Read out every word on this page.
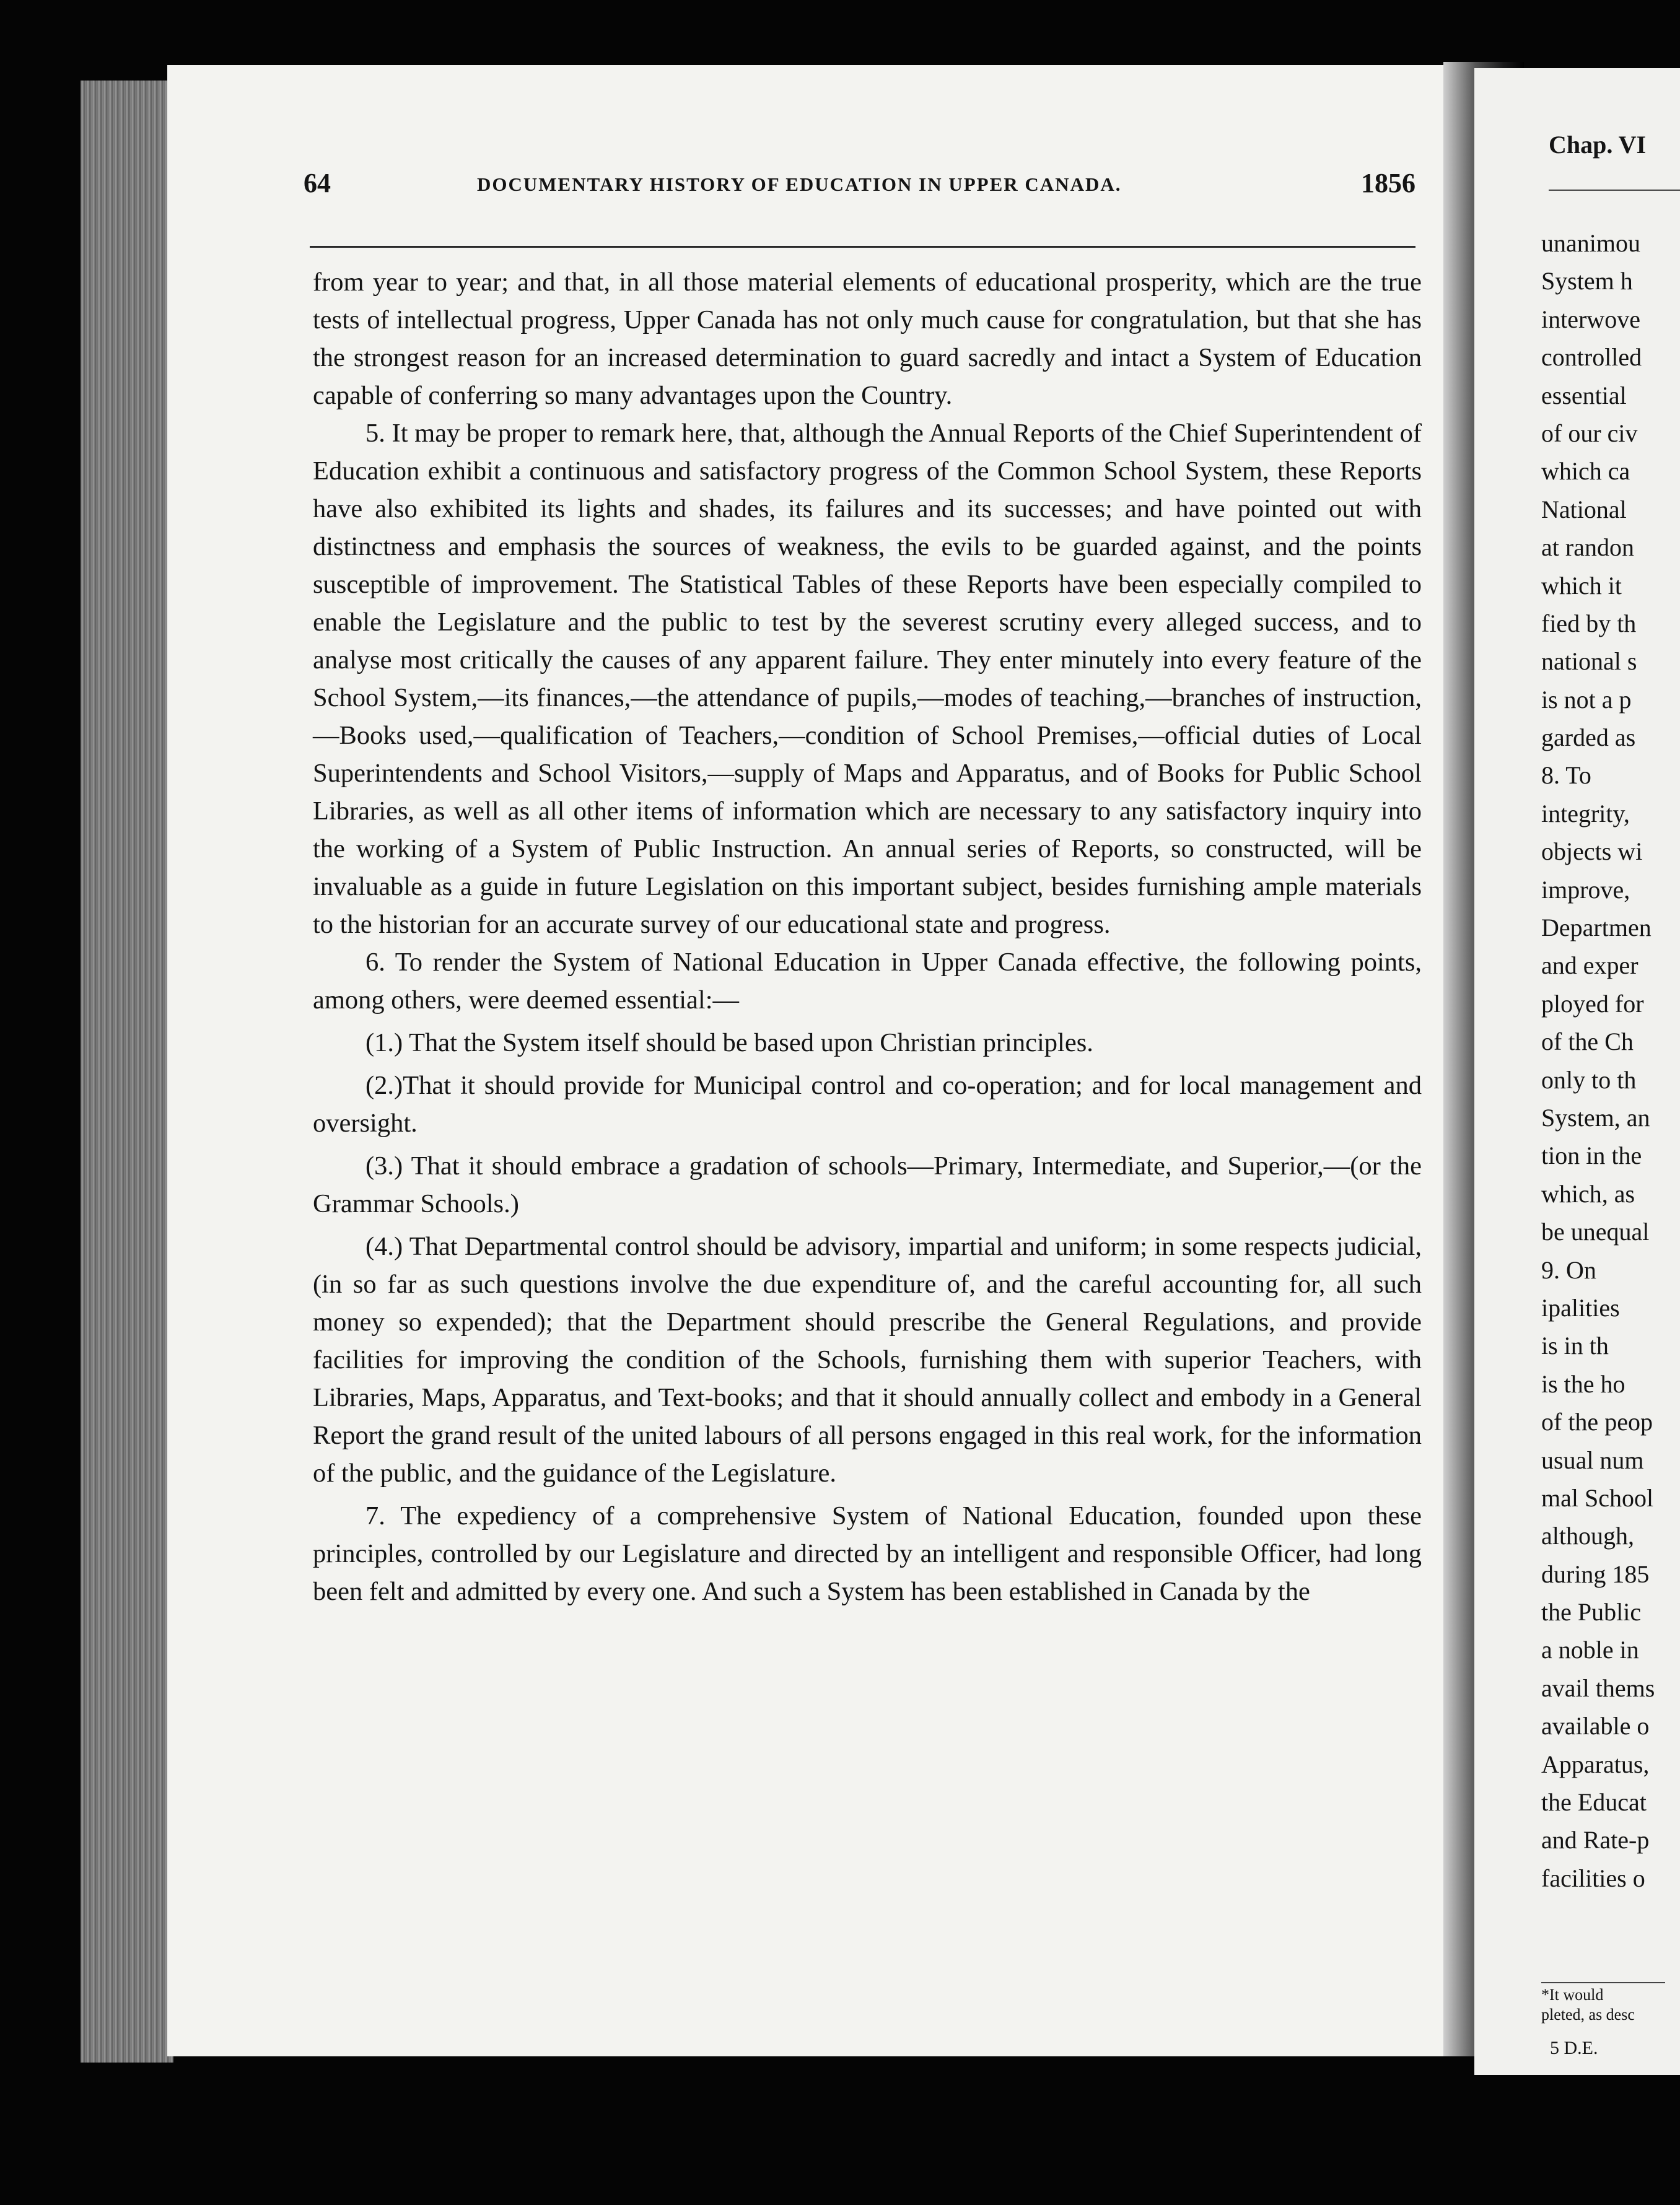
Chap. VI
unanimou
System h
interwove
controlled
essential
of our civ
which ca
National
at randon
which it
fied by th
national s
is not a p
garded as
8. To
integrity,
objects wi
improve,
Departmen
and exper
ployed for
of the Ch
only to th
System, an
tion in the
which, as
be unequal
9. On
ipalities
is in th
is the ho
of the peop
usual num
mal School
although,
during 185
the Public
a noble in
avail thems
available o
Apparatus,
the Educat
and Rate-p
facilities o
*It would
pleted, as desc
5 D.E.
64	DOCUMENTARY HISTORY OF EDUCATION IN UPPER CANADA.	1856

from year to year; and that, in all those material elements of educational prosperity, which are the true tests of intellectual progress, Upper Canada has not only much cause for congratulation, but that she has the strongest reason for an increased determination to guard sacredly and intact a System of Education capable of conferring so many advantages upon the Country.

5. It may be proper to remark here, that, although the Annual Reports of the Chief Superintendent of Education exhibit a continuous and satisfactory progress of the Common School System, these Reports have also exhibited its lights and shades, its failures and its successes; and have pointed out with distinctness and emphasis the sources of weakness, the evils to be guarded against, and the points susceptible of improvement. The Statistical Tables of these Reports have been especially compiled to enable the Legislature and the public to test by the severest scrutiny every alleged success, and to analyse most critically the causes of any apparent failure. They enter minutely into every feature of the School System,—its finances,—the attendance of pupils,—modes of teaching,—branches of instruction,—Books used,—qualification of Teachers,—condition of School Premises,—official duties of Local Superintendents and School Visitors,—supply of Maps and Apparatus, and of Books for Public School Libraries, as well as all other items of information which are necessary to any satisfactory inquiry into the working of a System of Public Instruction. An annual series of Reports, so constructed, will be invaluable as a guide in future Legislation on this important subject, besides furnishing ample materials to the historian for an accurate survey of our educational state and progress.

6. To render the System of National Education in Upper Canada effective, the following points, among others, were deemed essential:—

(1.) That the System itself should be based upon Christian principles.

(2.)That it should provide for Municipal control and co-operation; and for local management and oversight.

(3.) That it should embrace a gradation of schools—Primary, Intermediate, and Superior,—(or the Grammar Schools.)

(4.) That Departmental control should be advisory, impartial and uniform; in some respects judicial, (in so far as such questions involve the due expenditure of, and the careful accounting for, all such money so expended); that the Department should prescribe the General Regulations, and provide facilities for improving the condition of the Schools, furnishing them with superior Teachers, with Libraries, Maps, Apparatus, and Text-books; and that it should annually collect and embody in a General Report the grand result of the united labours of all persons engaged in this real work, for the information of the public, and the guidance of the Legislature.

7. The expediency of a comprehensive System of National Education, founded upon these principles, controlled by our Legislature and directed by an intelligent and responsible Officer, had long been felt and admitted by every one. And such a System has been established in Canada by the
